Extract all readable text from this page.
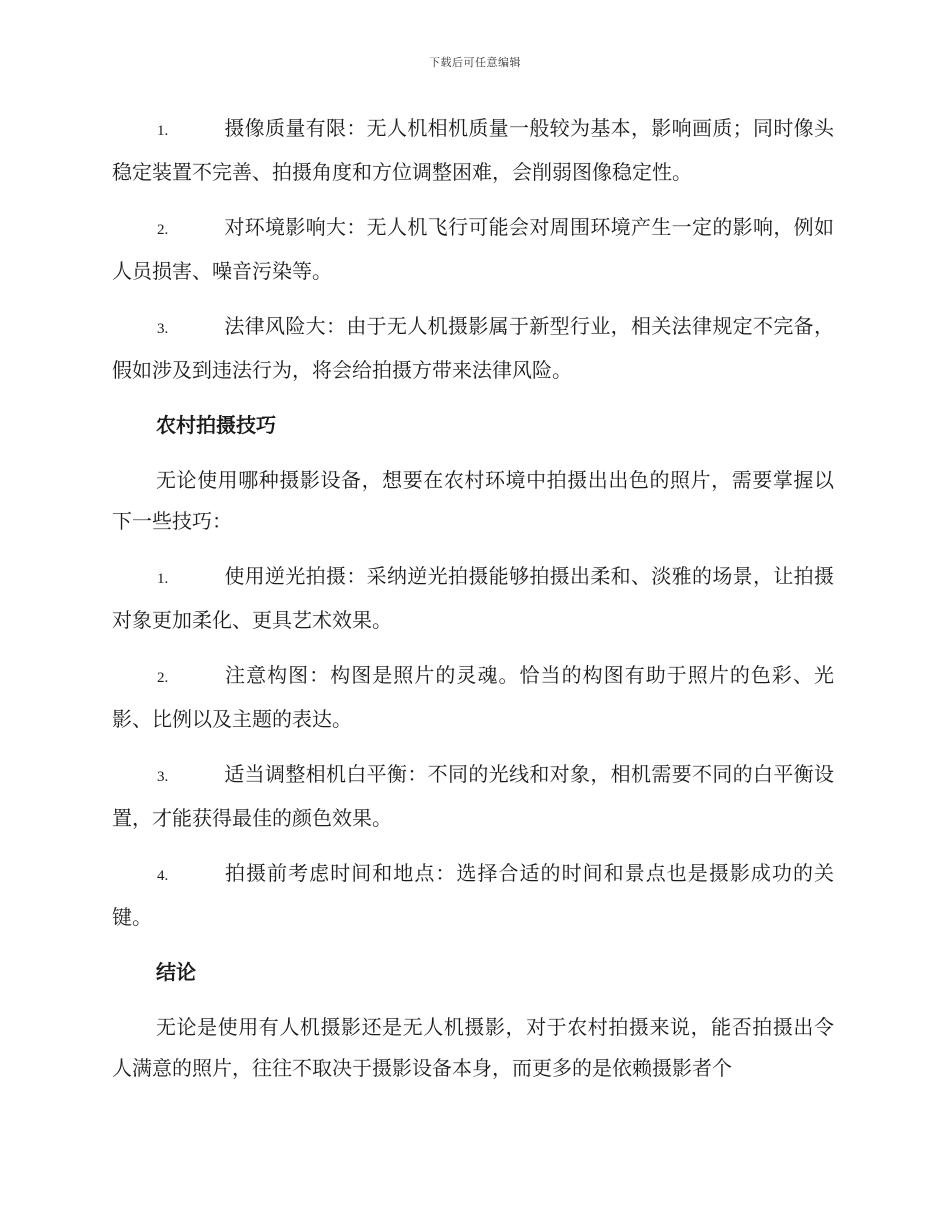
下载后可任意编辑

1.	摄像质量有限：无人机相机质量一般较为基本，影响画质；同时像头稳定装置不完善、拍摄角度和方位调整困难，会削弱图像稳定性。

2.	对环境影响大：无人机飞行可能会对周围环境产生一定的影响，例如人员损害、噪音污染等。

3.	法律风险大：由于无人机摄影属于新型行业，相关法律规定不完备，假如涉及到违法行为，将会给拍摄方带来法律风险。

农村拍摄技巧

无论使用哪种摄影设备，想要在农村环境中拍摄出出色的照片，需要掌握以下一些技巧：

1.	使用逆光拍摄：采纳逆光拍摄能够拍摄出柔和、淡雅的场景，让拍摄对象更加柔化、更具艺术效果。

2.	注意构图：构图是照片的灵魂。恰当的构图有助于照片的色彩、光影、比例以及主题的表达。

3.	适当调整相机白平衡：不同的光线和对象，相机需要不同的白平衡设置，才能获得最佳的颜色效果。

4.	拍摄前考虑时间和地点：选择合适的时间和景点也是摄影成功的关键。

结论

无论是使用有人机摄影还是无人机摄影，对于农村拍摄来说，能否拍摄出令人满意的照片，往往不取决于摄影设备本身，而更多的是依赖摄影者个
